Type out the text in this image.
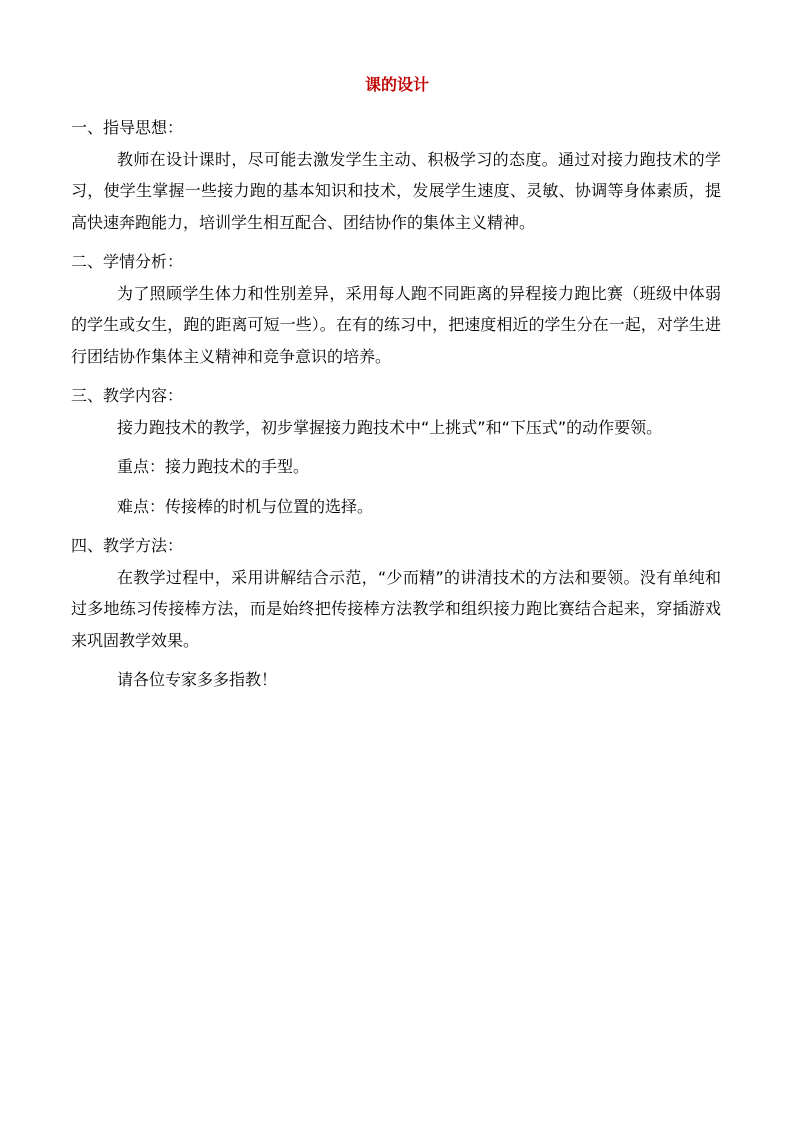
课的设计

一、指导思想：

教师在设计课时，尽可能去激发学生主动、积极学习的态度。通过对接力跑技术的学习，使学生掌握一些接力跑的基本知识和技术，发展学生速度、灵敏、协调等身体素质，提高快速奔跑能力，培训学生相互配合、团结协作的集体主义精神。

二、学情分析：

为了照顾学生体力和性别差异，采用每人跑不同距离的异程接力跑比赛（班级中体弱的学生或女生，跑的距离可短一些）。在有的练习中，把速度相近的学生分在一起，对学生进行团结协作集体主义精神和竞争意识的培养。

三、教学内容：

接力跑技术的教学，初步掌握接力跑技术中“上挑式”和“下压式”的动作要领。

重点：接力跑技术的手型。

难点：传接棒的时机与位置的选择。

四、教学方法：

在教学过程中，采用讲解结合示范，“少而精”的讲清技术的方法和要领。没有单纯和过多地练习传接棒方法，而是始终把传接棒方法教学和组织接力跑比赛结合起来，穿插游戏来巩固教学效果。

请各位专家多多指教！
